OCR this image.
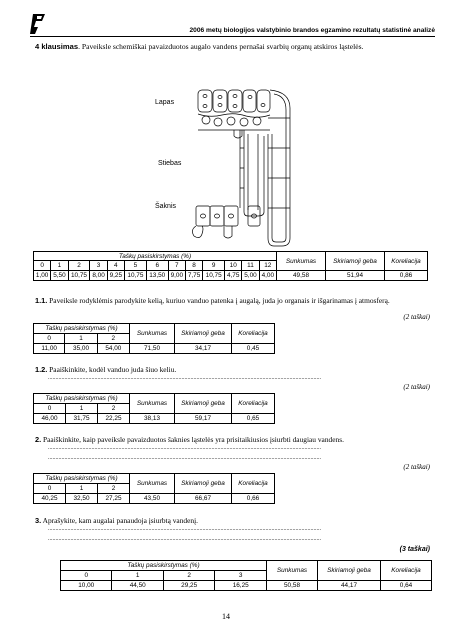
2006 metų biologijos valstybinio brandos egzamino rezultatų statistinė analizė
4 klausimas. Paveiksle schemiškai pavaizduotos augalo vandens pernašai svarbių organų atskiros ląstelės.
Lapas
Stiebas
Šaknis
Taškų pasiskirstymas (%)													Sunkumas	Skiriamoji geba	Koreliacija
0	1	2	3	4	5	6	7	8	9	10	11	12			
1,00	5,50	10,75	8,00	9,25	10,75	13,50	9,00	7,75	10,75	4,75	5,00	4,00	49,58	51,94	0,86
1.1. Paveiksle rodyklėmis parodykite kelią, kuriuo vanduo patenka į augalą, juda jo organais ir išgarinamas į atmosferą.
(2 taškai)
Taškų pasiskirstymas (%)			Sunkumas	Skiriamoji geba	Koreliacija
0	1	2			
11,00	35,00	54,00	71,50	34,17	0,45
1.2. Paaiškinkite, kodėl vanduo juda šiuo keliu.
......................................................................................................................................................................................
(2 taškai)
Taškų pasiskirstymas (%)			Sunkumas	Skiriamoji geba	Koreliacija
0	1	2			
46,00	31,75	22,25	38,13	59,17	0,65
2. Paaiškinkite, kaip paveiksle pavaizduotos šaknies ląstelės yra prisitaikiusios įsiurbti daugiau vandens.
......................................................................................................................................................................................
......................................................................................................................................................................................
(2 taškai)
Taškų pasiskirstymas (%)			Sunkumas	Skiriamoji geba	Koreliacija
0	1	2			
40,25	32,50	27,25	43,50	66,67	0,66
3. Aprašykite, kam augalai panaudoja įsiurbtą vandenį.
......................................................................................................................................................................................
......................................................................................................................................................................................
(3 taškai)
Taškų pasiskirstymas (%)				Sunkumas	Skiriamoji geba	Koreliacija
0	1	2	3			
10,00	44,50	29,25	16,25	50,58	44,17	0,64
14
